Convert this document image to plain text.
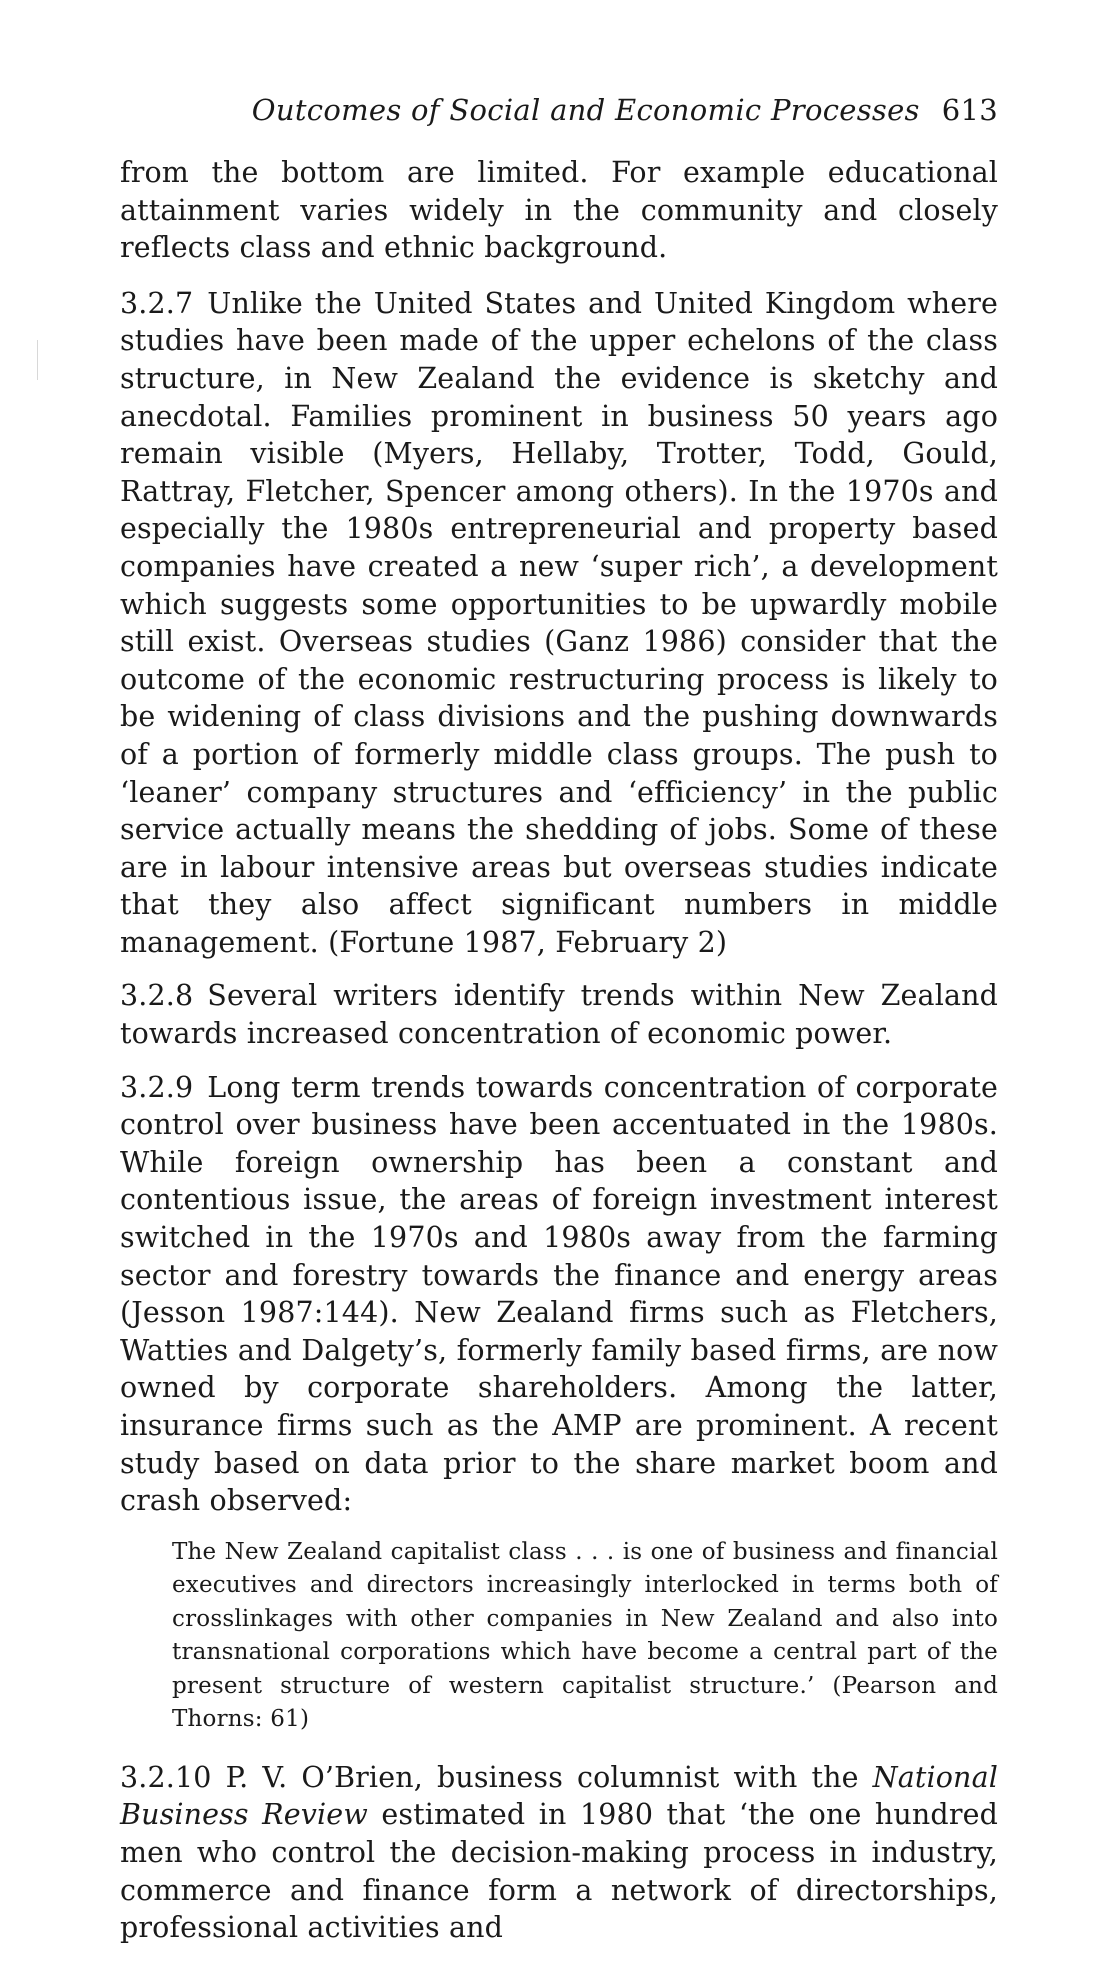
Outcomes of Social and Economic Processes 613

from the bottom are limited. For example educational attainment varies widely in the community and closely reflects class and ethnic background.

3.2.7 Unlike the United States and United Kingdom where studies have been made of the upper echelons of the class structure, in New Zealand the evidence is sketchy and anecdotal. Families prominent in business 50 years ago remain visible (Myers, Hellaby, Trotter, Todd, Gould, Rattray, Fletcher, Spencer among others). In the 1970s and especially the 1980s entrepreneurial and property based companies have created a new ‘super rich’, a development which suggests some opportunities to be upwardly mobile still exist. Overseas studies (Ganz 1986) consider that the outcome of the economic restructuring process is likely to be widening of class divisions and the pushing downwards of a portion of formerly middle class groups. The push to ‘leaner’ company structures and ‘efficiency’ in the public service actually means the shedding of jobs. Some of these are in labour intensive areas but overseas studies indicate that they also affect significant numbers in middle management. (Fortune 1987, February 2)

3.2.8 Several writers identify trends within New Zealand towards increased concentration of economic power.

3.2.9 Long term trends towards concentration of corporate control over business have been accentuated in the 1980s. While foreign ownership has been a constant and contentious issue, the areas of foreign investment interest switched in the 1970s and 1980s away from the farming sector and forestry towards the finance and energy areas (Jesson 1987:144). New Zealand firms such as Fletchers, Watties and Dalgety’s, formerly family based firms, are now owned by corporate shareholders. Among the latter, insurance firms such as the AMP are prominent. A recent study based on data prior to the share market boom and crash observed:

The New Zealand capitalist class . . . is one of business and financial executives and directors increasingly interlocked in terms both of crosslinkages with other companies in New Zealand and also into transnational corporations which have become a central part of the present structure of western capitalist structure.’ (Pearson and Thorns: 61)

3.2.10 P. V. O’Brien, business columnist with the National Business Review estimated in 1980 that ‘the one hundred men who control the decision-making process in industry, commerce and finance form a network of directorships, professional activities and
